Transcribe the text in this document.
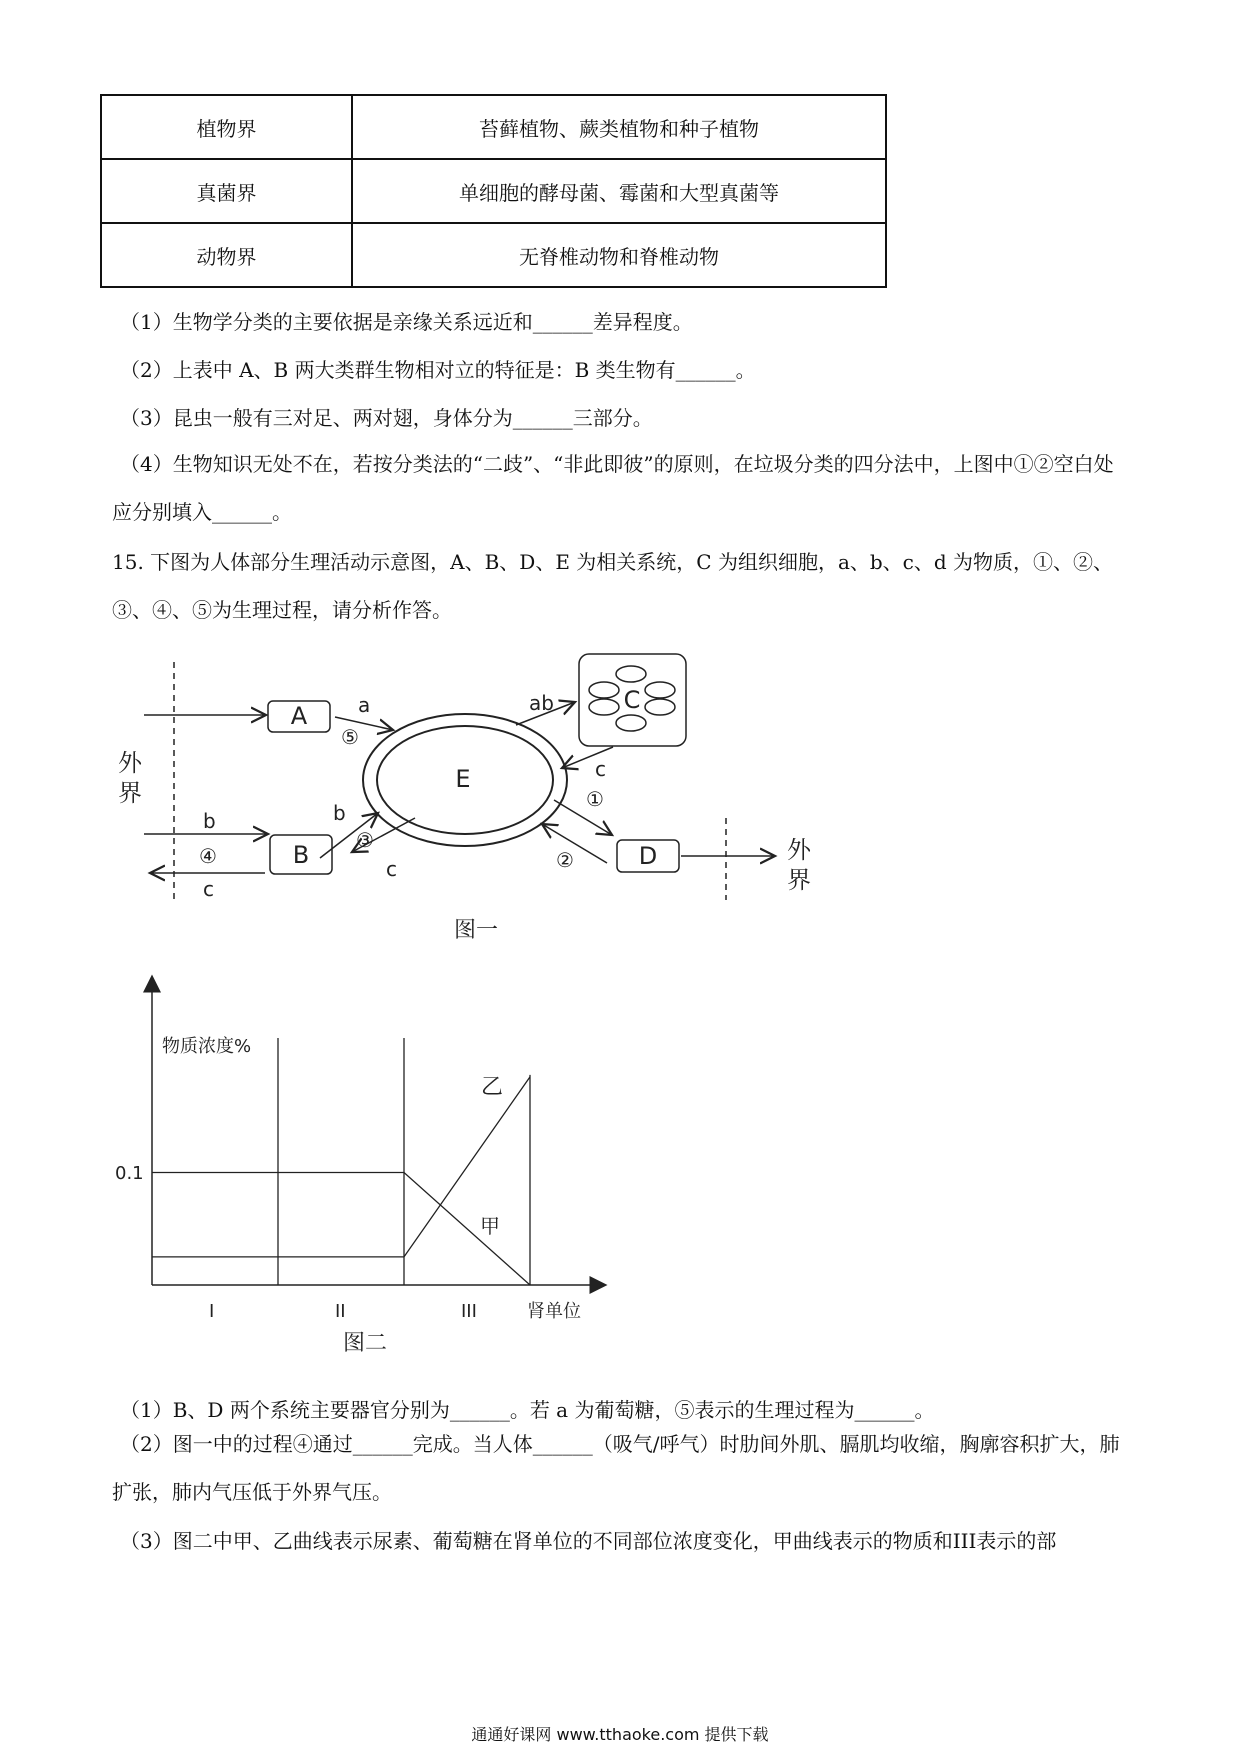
植物界	苔藓植物、蕨类植物和种子植物
真菌界	单细胞的酵母菌、霉菌和大型真菌等
动物界	无脊椎动物和脊椎动物
（1）生物学分类的主要依据是亲缘关系远近和______差异程度。
（2）上表中 A、B 两大类群生物相对立的特征是：B 类生物有______。
（3）昆虫一般有三对足、两对翅，身体分为______三部分。
（4）生物知识无处不在，若按分类法的“二歧”、“非此即彼”的原则，在垃圾分类的四分法中，上图中①②空白处应分别填入______。
15. 下图为人体部分生理活动示意图，A、B、D、E 为相关系统，C 为组织细胞，a、b、c、d 为物质，①、②、③、④、⑤为生理过程，请分析作答。
A
B
C
D
E
a	ab
c
b
b
c
c
⑤
①
②
③
④
外
界
外
界
图一
物质浓度%
0.1
肾单位
I	II	III
甲
乙
图二
（1）B、D 两个系统主要器官分别为______。若 a 为葡萄糖，⑤表示的生理过程为______。
（2）图一中的过程④通过______完成。当人体______（吸气/呼气）时肋间外肌、膈肌均收缩，胸廓容积扩大，肺扩张，肺内气压低于外界气压。
（3）图二中甲、乙曲线表示尿素、葡萄糖在肾单位的不同部位浓度变化，甲曲线表示的物质和III表示的部
通通好课网 www.tthaoke.com 提供下载
